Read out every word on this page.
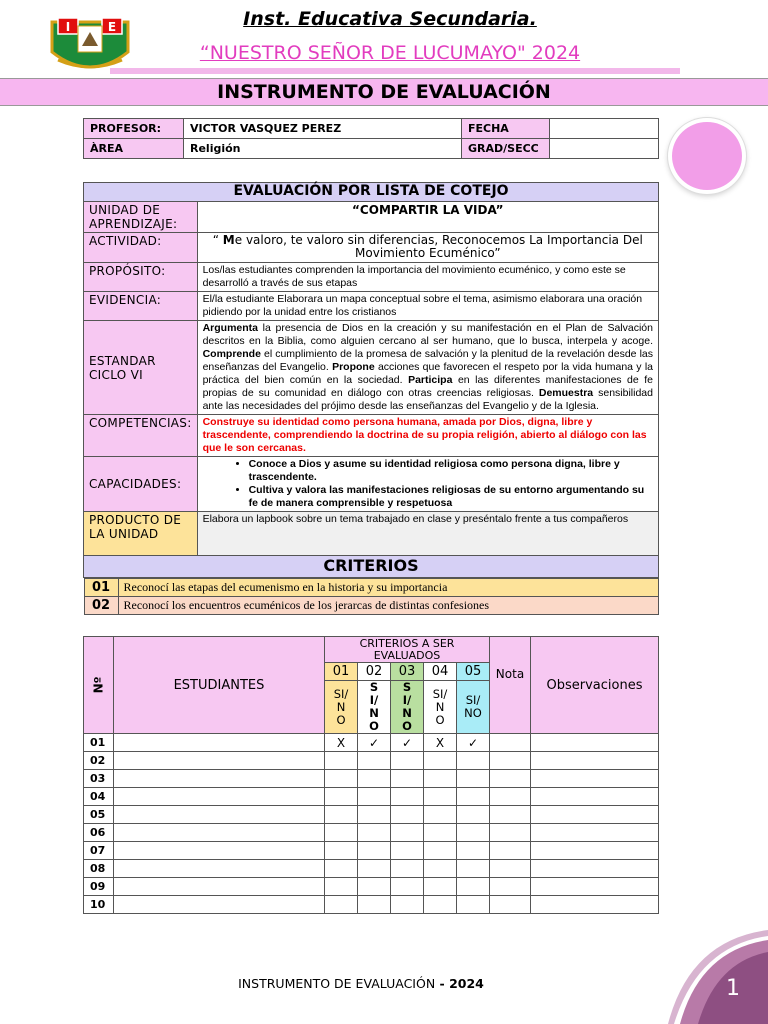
I	E	Inst. Educativa Secundaria.
“NUESTRO SEÑOR DE LUCUMAYO" 2024
INSTRUMENTO DE EVALUACIÓN
PROFESOR:	VICTOR VASQUEZ PEREZ	FECHA	
ÀREA	Religión	GRAD/SECC	
EVALUACIÓN POR LISTA DE COTEJO
UNIDAD DE APRENDIZAJE:	“COMPARTIR LA VIDA”
ACTIVIDAD:	“ Me valoro, te valoro sin diferencias, Reconocemos La Importancia Del Movimiento Ecuménico”
PROPÓSITO:	Los/las estudiantes comprenden la importancia del movimiento ecuménico, y como este se desarrolló a través de sus etapas
EVIDENCIA:	El/la estudiante Elaborara un mapa conceptual sobre el tema, asimismo elaborara una oración pidiendo por la unidad entre los cristianos
ESTANDAR CICLO VI	Argumenta la presencia de Dios en la creación y su manifestación en el Plan de Salvación descritos en la Biblia, como alguien cercano al ser humano, que lo busca, interpela y acoge. Comprende el cumplimiento de la promesa de salvación y la plenitud de la revelación desde las enseñanzas del Evangelio. Propone acciones que favorecen el respeto por la vida humana y la práctica del bien común en la sociedad. Participa en las diferentes manifestaciones de fe propias de su comunidad en diálogo con otras creencias religiosas. Demuestra sensibilidad ante las necesidades del prójimo desde las enseñanzas del Evangelio y de la Iglesia.
COMPETENCIAS:	Construye su identidad como persona humana, amada por Dios, digna, libre y trascendente, comprendiendo la doctrina de su propia religión, abierto al diálogo con las que le son cercanas.
CAPACIDADES:	
• Conoce a Dios y asume su identidad religiosa como persona digna, libre y trascendente.
• Cultiva y valora las manifestaciones religiosas de su entorno argumentando su fe de manera comprensible y respetuosa

PRODUCTO DE LA UNIDAD	Elabora un lapbook sobre un tema trabajado en clase y preséntalo frente a tus compañeros
CRITERIOS

01	Reconocí las etapas del ecumenismo en la historia y su importancia
02	Reconocí los encuentros ecuménicos de los jerarcas de distintas confesiones
Nº	ESTUDIANTES	CRITERIOS A SER EVALUADOS					Nota	Observaciones
		01	02	03	04	05		

		SI/NO	SI/NO	SI/NO	SI/NO	SI/NO		

01		X	✓	✓	X	✓		
02								
03								
04								
05								
06								
07								
08								
09								
10								
INSTRUMENTO DE EVALUACIÓN - 2024	1
